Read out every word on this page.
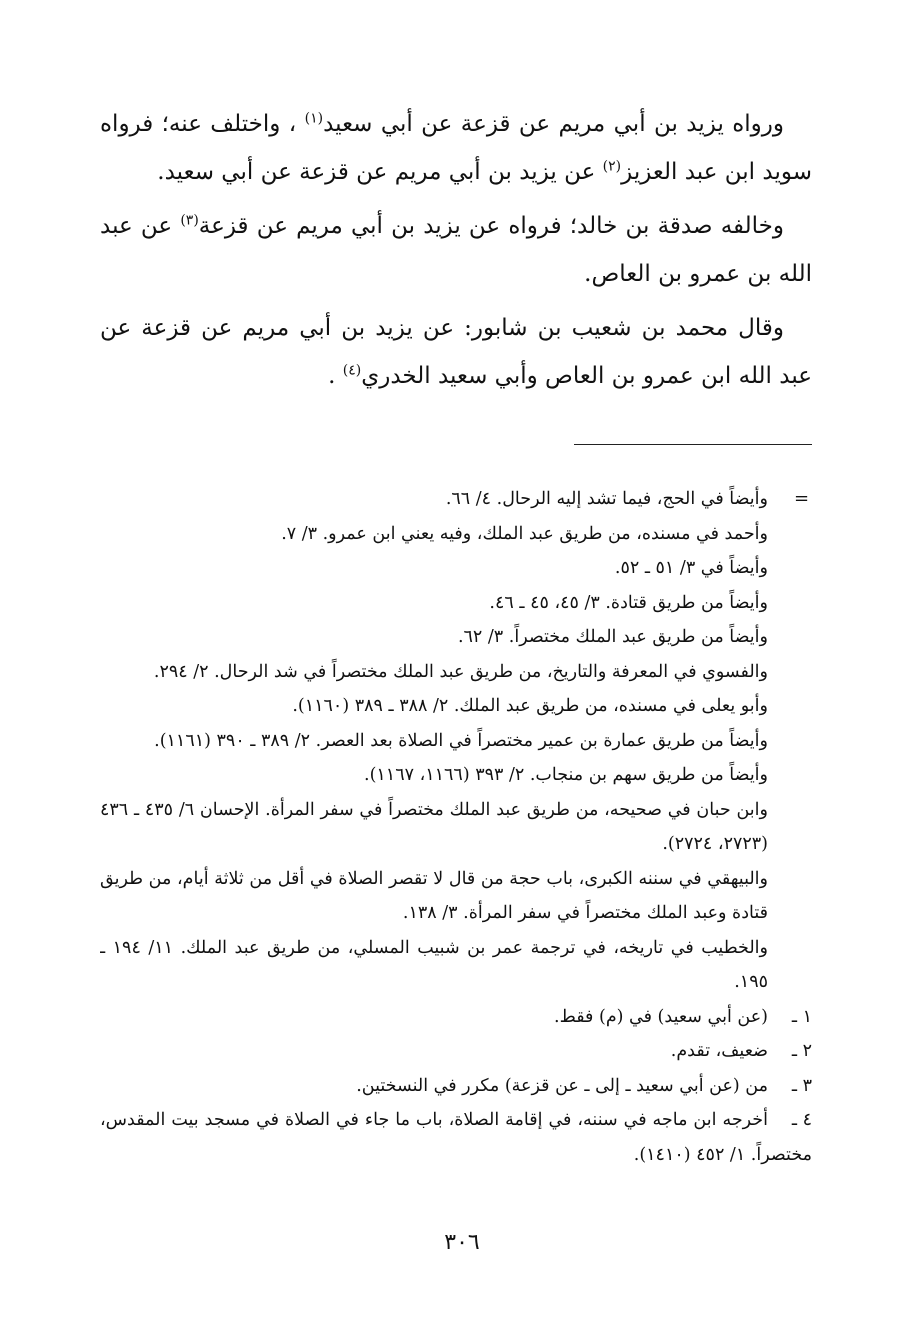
ورواه يزيد بن أبي مريم عن قزعة عن أبي سعيد$^{(١)}$ ، واختلف عنه؛ فرواه سويد ابن عبد العزيز$^{(٢)}$ عن يزيد بن أبي مريم عن قزعة عن أبي سعيد.

وخالفه صدقة بن خالد؛ فرواه عن يزيد بن أبي مريم عن قزعة$^{(٣)}$ عن عبد الله بن عمرو بن العاص.

وقال محمد بن شعيب بن شابور: عن يزيد بن أبي مريم عن قزعة عن عبد الله ابن عمرو بن العاص وأبي سعيد الخدري$^{(٤)}$ .

=

وأيضاً في الحج، فيما تشد إليه الرحال. ٤/ ٦٦.

وأحمد في مسنده، من طريق عبد الملك، وفيه يعني ابن عمرو. ٣/ ٧.

وأيضاً في ٣/ ٥١ ـ ٥٢.

وأيضاً من طريق قتادة. ٣/ ٤٥، ٤٥ ـ ٤٦.

وأيضاً من طريق عبد الملك مختصراً. ٣/ ٦٢.

والفسوي في المعرفة والتاريخ، من طريق عبد الملك مختصراً في شد الرحال. ٢/ ٢٩٤.

وأبو يعلى في مسنده، من طريق عبد الملك. ٢/ ٣٨٨ ـ ٣٨٩ (١١٦٠).

وأيضاً من طريق عمارة بن عمير مختصراً في الصلاة بعد العصر. ٢/ ٣٨٩ ـ ٣٩٠ (١١٦١).

وأيضاً من طريق سهم بن منجاب. ٢/ ٣٩٣ (١١٦٦، ١١٦٧).

وابن حبان في صحيحه، من طريق عبد الملك مختصراً في سفر المرأة. الإحسان ٦/ ٤٣٥ ـ ٤٣٦ (٢٧٢٣، ٢٧٢٤).

والبيهقي في سننه الكبرى، باب حجة من قال لا تقصر الصلاة في أقل من ثلاثة أيام، من طريق قتادة وعبد الملك مختصراً في سفر المرأة. ٣/ ١٣٨.

والخطيب في تاريخه، في ترجمة عمر بن شبيب المسلي، من طريق عبد الملك. ١١/ ١٩٤ ـ ١٩٥.

١ ـ(عن أبي سعيد) في (م) فقط.

٢ ـضعيف، تقدم.

٣ ـمن (عن أبي سعيد ـ إلى ـ عن قزعة) مكرر في النسختين.

٤ ـأخرجه ابن ماجه في سننه، في إقامة الصلاة، باب ما جاء في الصلاة في مسجد بيت المقدس، مختصراً. ١/ ٤٥٢ (١٤١٠).

٣٠٦
